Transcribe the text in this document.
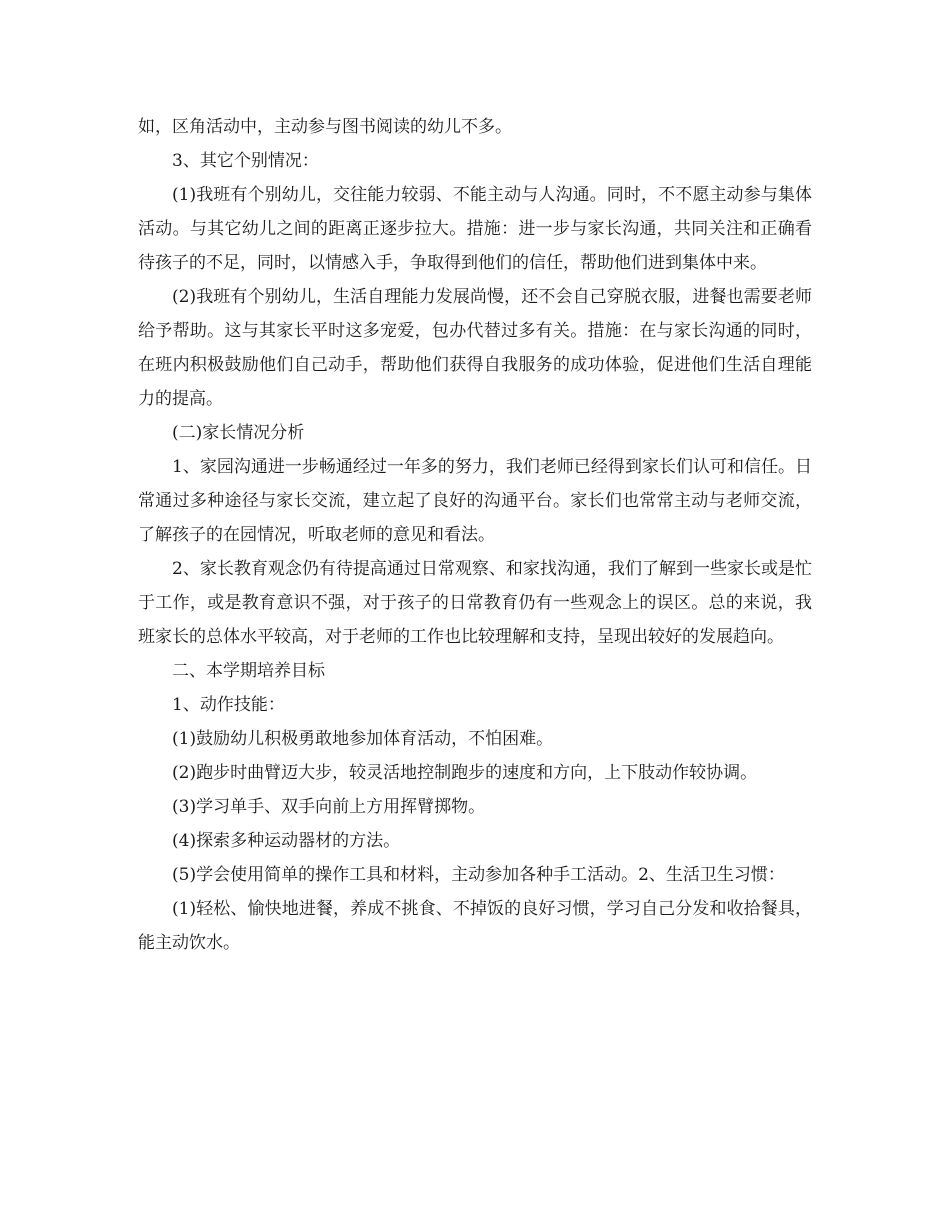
如，区角活动中，主动参与图书阅读的幼儿不多。

3、其它个别情况：

(1)我班有个别幼儿，交往能力较弱、不能主动与人沟通。同时，不不愿主动参与集体活动。与其它幼儿之间的距离正逐步拉大。措施：进一步与家长沟通，共同关注和正确看待孩子的不足，同时，以情感入手，争取得到他们的信任，帮助他们进到集体中来。

(2)我班有个别幼儿，生活自理能力发展尚慢，还不会自己穿脱衣服，进餐也需要老师给予帮助。这与其家长平时这多宠爱，包办代替过多有关。措施：在与家长沟通的同时，在班内积极鼓励他们自己动手，帮助他们获得自我服务的成功体验，促进他们生活自理能力的提高。

(二)家长情况分析

1、家园沟通进一步畅通经过一年多的努力，我们老师已经得到家长们认可和信任。日常通过多种途径与家长交流，建立起了良好的沟通平台。家长们也常常主动与老师交流，了解孩子的在园情况，听取老师的意见和看法。

2、家长教育观念仍有待提高通过日常观察、和家找沟通，我们了解到一些家长或是忙于工作，或是教育意识不强，对于孩子的日常教育仍有一些观念上的误区。总的来说，我班家长的总体水平较高，对于老师的工作也比较理解和支持，呈现出较好的发展趋向。

二、本学期培养目标

1、动作技能：

(1)鼓励幼儿积极勇敢地参加体育活动，不怕困难。

(2)跑步时曲臂迈大步，较灵活地控制跑步的速度和方向，上下肢动作较协调。

(3)学习单手、双手向前上方用挥臂掷物。

(4)探索多种运动器材的方法。

(5)学会使用简单的操作工具和材料，主动参加各种手工活动。2、生活卫生习惯：

(1)轻松、愉快地进餐，养成不挑食、不掉饭的良好习惯，学习自己分发和收拾餐具，能主动饮水。
